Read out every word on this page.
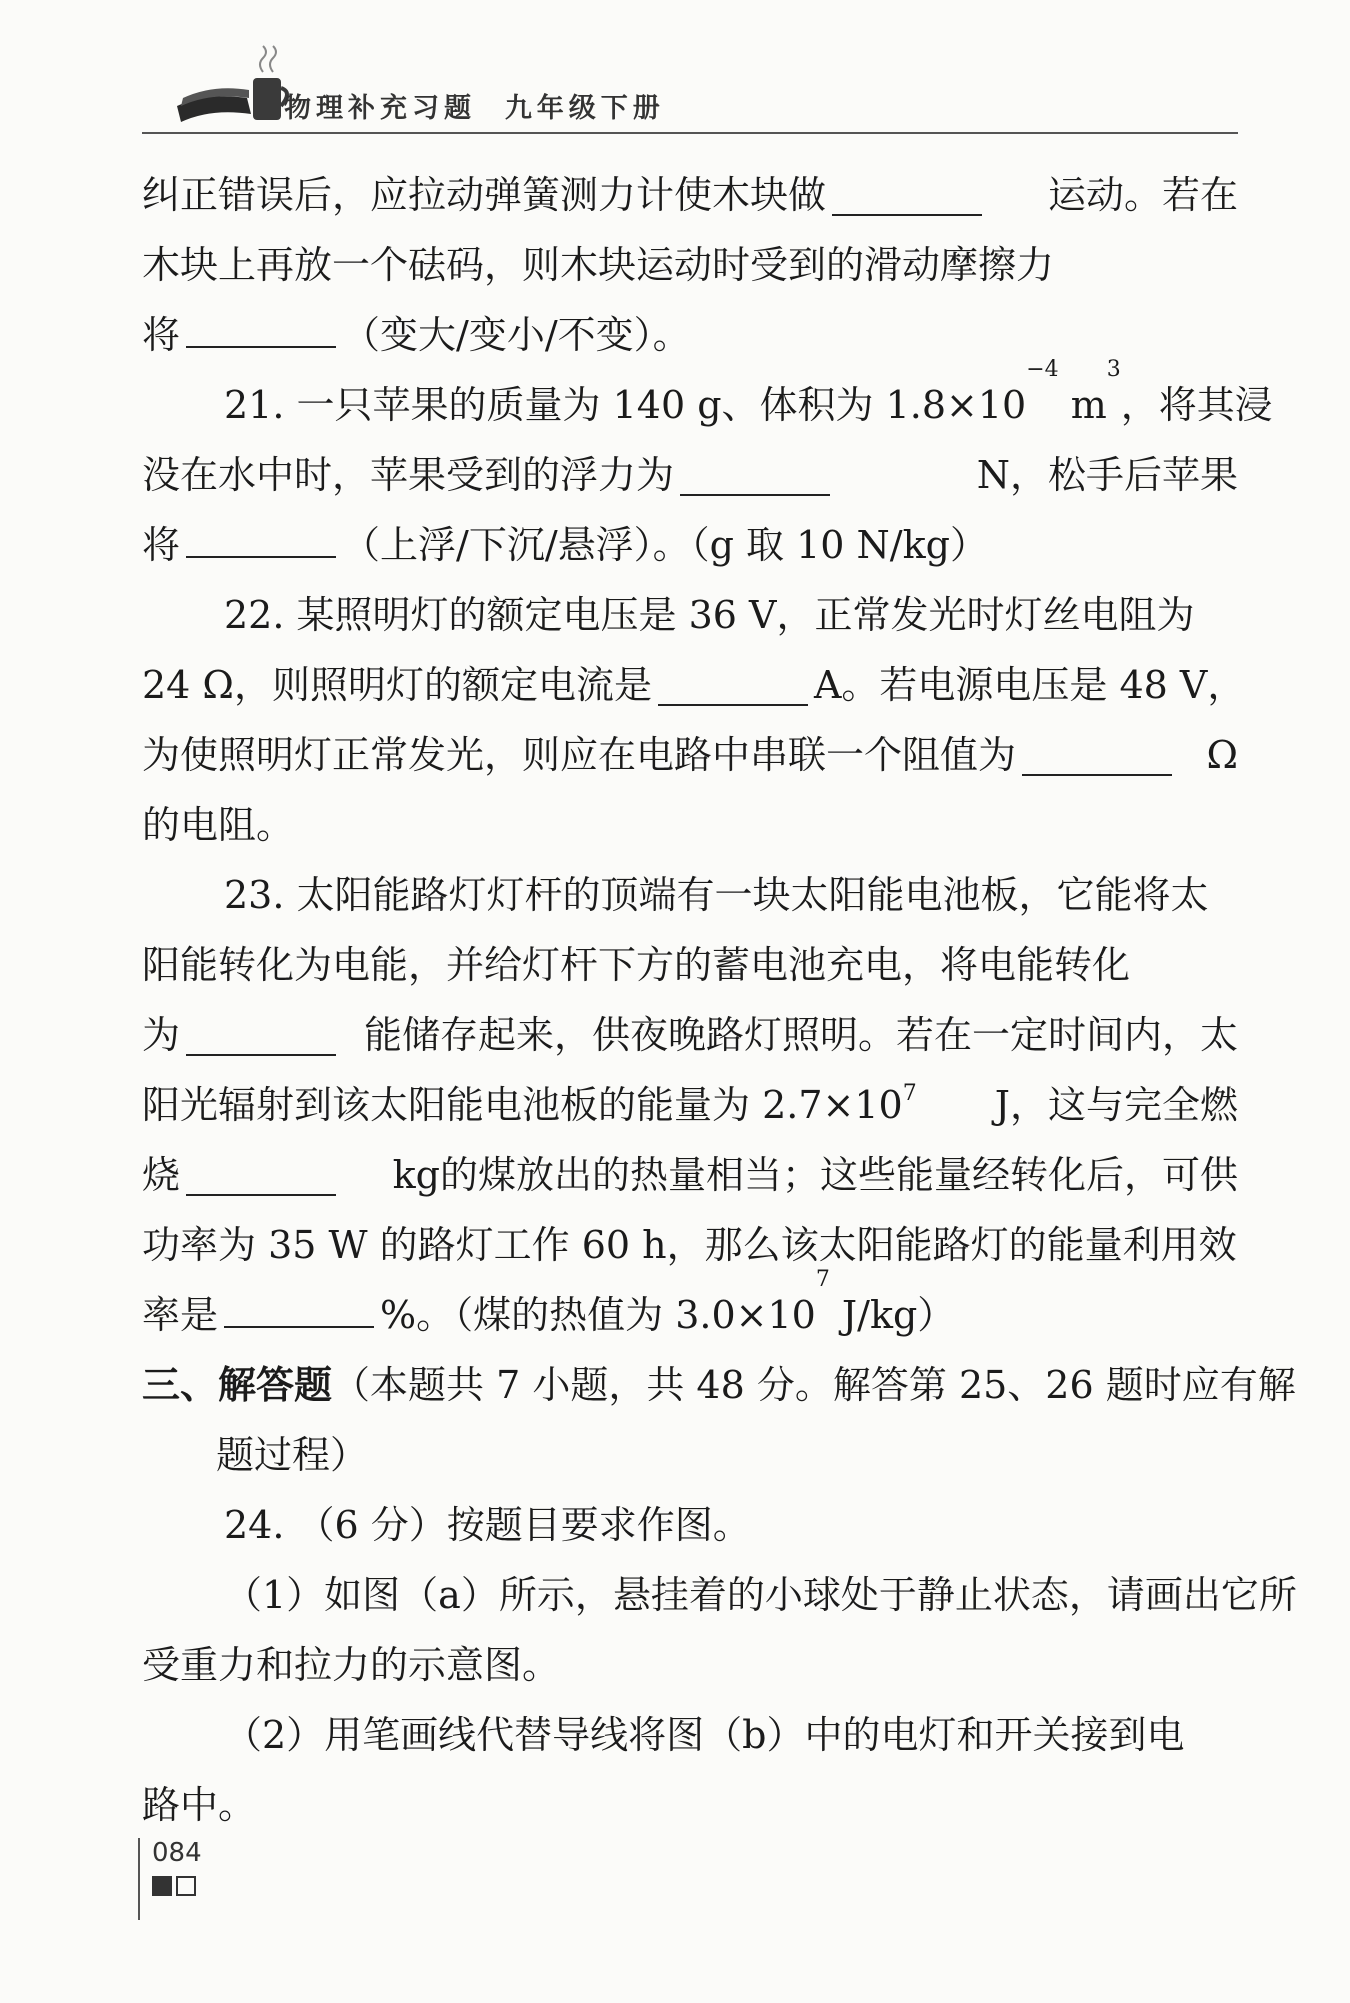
物理补充习题 九年级下册
纠正错误后，应拉动弹簧测力计使木块做	运动。若在
木块上再放一个砝码，则木块运动时受到的滑动摩擦力
将	（变大/变小/不变）。
21. 一只苹果的质量为 140 g、体积为 1.8×10
−4
m
3
，将其浸
没在水中时，苹果受到的浮力为	N，松手后苹果
将	（上浮/下沉/悬浮）。（g 取 10 N/kg）
22. 某照明灯的额定电压是 36 V，正常发光时灯丝电阻为
24 Ω，则照明灯的额定电流是	A。若电源电压是 48 V，
为使照明灯正常发光，则应在电路中串联一个阻值为	Ω
的电阻。
23. 太阳能路灯灯杆的顶端有一块太阳能电池板，它能将太
阳能转化为电能，并给灯杆下方的蓄电池充电，将电能转化
为	能储存起来，供夜晚路灯照明。若在一定时间内，太
阳光辐射到该太阳能电池板的能量为 $2.7\times 10^7$ J，这与完全燃
烧	kg的煤放出的热量相当；这些能量经转化后，可供
功率为 35 W 的路灯工作 60 h，那么该太阳能路灯的能量利用效
率是	%。（煤的热值为 3.0×10
7
J/kg）
三、解答题（本题共 7 小题，共 48 分。解答第 25、26 题时应有解
题过程）
24. （6 分）按题目要求作图。
（1）如图（a）所示，悬挂着的小球处于静止状态，请画出它所
受重力和拉力的示意图。
（2）用笔画线代替导线将图（b）中的电灯和开关接到电
路中。
084
